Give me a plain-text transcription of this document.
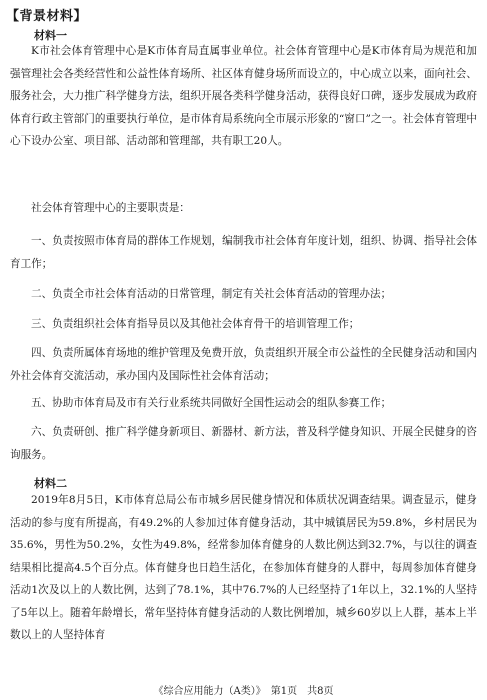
【背景材料】
材料一

K市社会体育管理中心是K市体育局直属事业单位。社会体育管理中心是K市体育局为规范和加强管理社会各类经营性和公益性体育场所、社区体育健身场所而设立的，中心成立以来，面向社会、服务社会，大力推广科学健身方法，组织开展各类科学健身活动，获得良好口碑，逐步发展成为政府体育行政主管部门的重要执行单位，是市体育局系统向全市展示形象的“窗口”之一。社会体育管理中心下设办公室、项目部、活动部和管理部，共有职工20人。

社会体育管理中心的主要职责是：

一、负责按照市体育局的群体工作规划，编制我市社会体育年度计划，组织、协调、指导社会体育工作；

二、负责全市社会体育活动的日常管理，制定有关社会体育活动的管理办法；

三、负责组织社会体育指导员以及其他社会体育骨干的培训管理工作；

四、负责所属体育场地的维护管理及免费开放，负责组织开展全市公益性的全民健身活动和国内外社会体育交流活动，承办国内及国际性社会体育活动；

五、协助市体育局及市有关行业系统共同做好全国性运动会的组队参赛工作；

六、负责研创、推广科学健身新项目、新器材、新方法，普及科学健身知识、开展全民健身的咨询服务。

材料二

2019年8月5日，K市体育总局公布市城乡居民健身情况和体质状况调查结果。调查显示，健身活动的参与度有所提高，有49.2%的人参加过体育健身活动，其中城镇居民为59.8%，乡村居民为35.6%，男性为50.2%，女性为49.8%，经常参加体育健身的人数比例达到32.7%，与以往的调查结果相比提高4.5个百分点。体育健身也日趋生活化，在参加体育健身的人群中，每周参加体育健身活动1次及以上的人数比例，达到了78.1%，其中76.7%的人已经坚持了1年以上，32.1%的人坚持了5年以上。随着年龄增长，常年坚持体育健身活动的人数比例增加，城乡60岁以上人群，基本上半数以上的人坚持体育

《综合应用能力（A类）》　第1页　共8页
